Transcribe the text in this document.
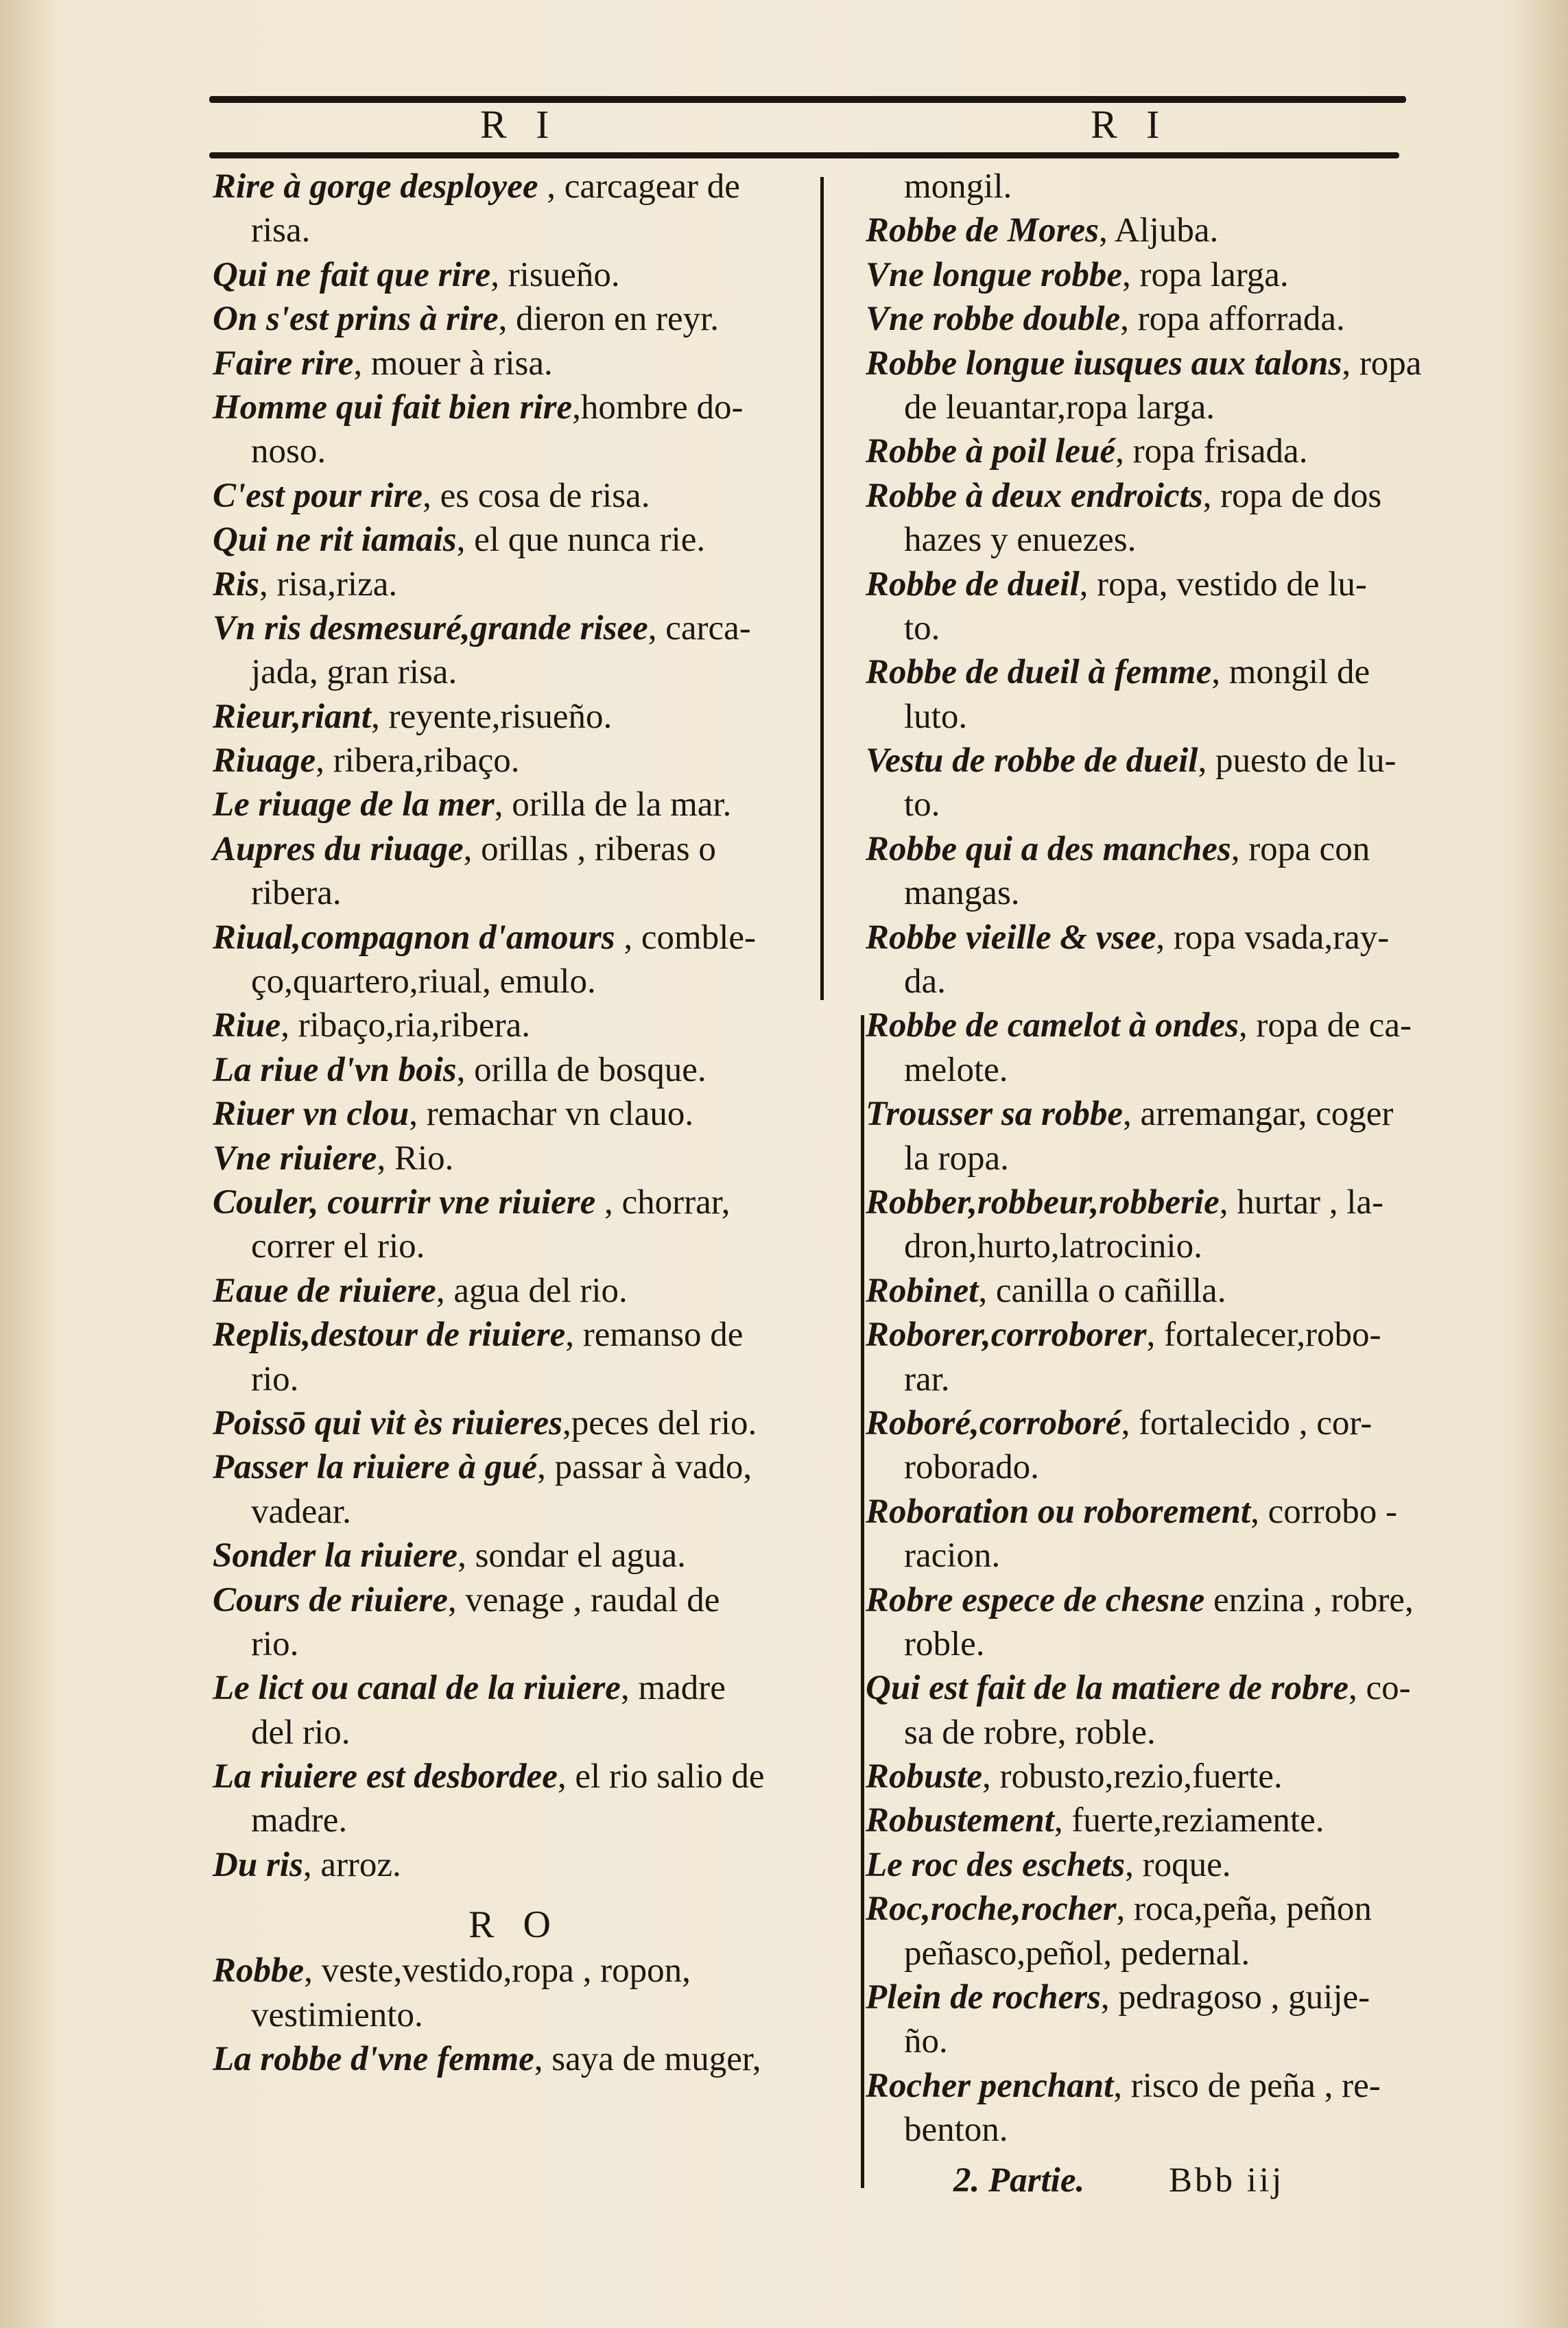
R I	R I
Rire à gorge desployee , carcagear de
risa.
Qui ne fait que rire, risueño.
On s'est prins à rire, dieron en reyr.
Faire rire, mouer à risa.
Homme qui fait bien rire,hombre do-
noso.
C'est pour rire, es cosa de risa.
Qui ne rit iamais, el que nunca rie.
Ris, risa,riza.
Vn ris desmesuré,grande risee, carca-
jada, gran risa.
Rieur,riant, reyente,risueño.
Riuage, ribera,ribaço.
Le riuage de la mer, orilla de la mar.
Aupres du riuage, orillas , riberas o
ribera.
Riual,compagnon d'amours , comble-
ço,quartero,riual, emulo.
Riue, ribaço,ria,ribera.
La riue d'vn bois, orilla de bosque.
Riuer vn clou, remachar vn clauo.
Vne riuiere, Rio.
Couler, courrir vne riuiere , chorrar,
correr el rio.
Eaue de riuiere, agua del rio.
Replis,destour de riuiere, remanso de
rio.
Poissō qui vit ès riuieres,peces del rio.
Passer la riuiere à gué, passar à vado,
vadear.
Sonder la riuiere, sondar el agua.
Cours de riuiere, venage , raudal de
rio.
Le lict ou canal de la riuiere, madre
del rio.
La riuiere est desbordee, el rio salio de
madre.
Du ris, arroz.
R O
Robbe, veste,vestido,ropa , ropon,
vestimiento.
La robbe d'vne femme, saya de muger,
mongil.
Robbe de Mores, Aljuba.
Vne longue robbe, ropa larga.
Vne robbe double, ropa afforrada.
Robbe longue iusques aux talons, ropa
de leuantar,ropa larga.
Robbe à poil leué, ropa frisada.
Robbe à deux endroicts, ropa de dos
hazes y enuezes.
Robbe de dueil, ropa, vestido de lu-
to.
Robbe de dueil à femme, mongil de
luto.
Vestu de robbe de dueil, puesto de lu-
to.
Robbe qui a des manches, ropa con
mangas.
Robbe vieille & vsee, ropa vsada,ray-
da.
Robbe de camelot à ondes, ropa de ca-
melote.
Trousser sa robbe, arremangar, coger
la ropa.
Robber,robbeur,robberie, hurtar , la-
dron,hurto,latrocinio.
Robinet, canilla o cañilla.
Roborer,corroborer, fortalecer,robo-
rar.
Roboré,corroboré, fortalecido , cor-
roborado.
Roboration ou roborement, corrobo -
racion.
Robre espece de chesne enzina , robre,
roble.
Qui est fait de la matiere de robre, co-
sa de robre, roble.
Robuste, robusto,rezio,fuerte.
Robustement, fuerte,reziamente.
Le roc des eschets, roque.
Roc,roche,rocher, roca,peña, peñon
peñasco,peñol, pedernal.
Plein de rochers, pedragoso , guije-
ño.
Rocher penchant, risco de peña , re-
benton.
2. Partie. Bbb iij
